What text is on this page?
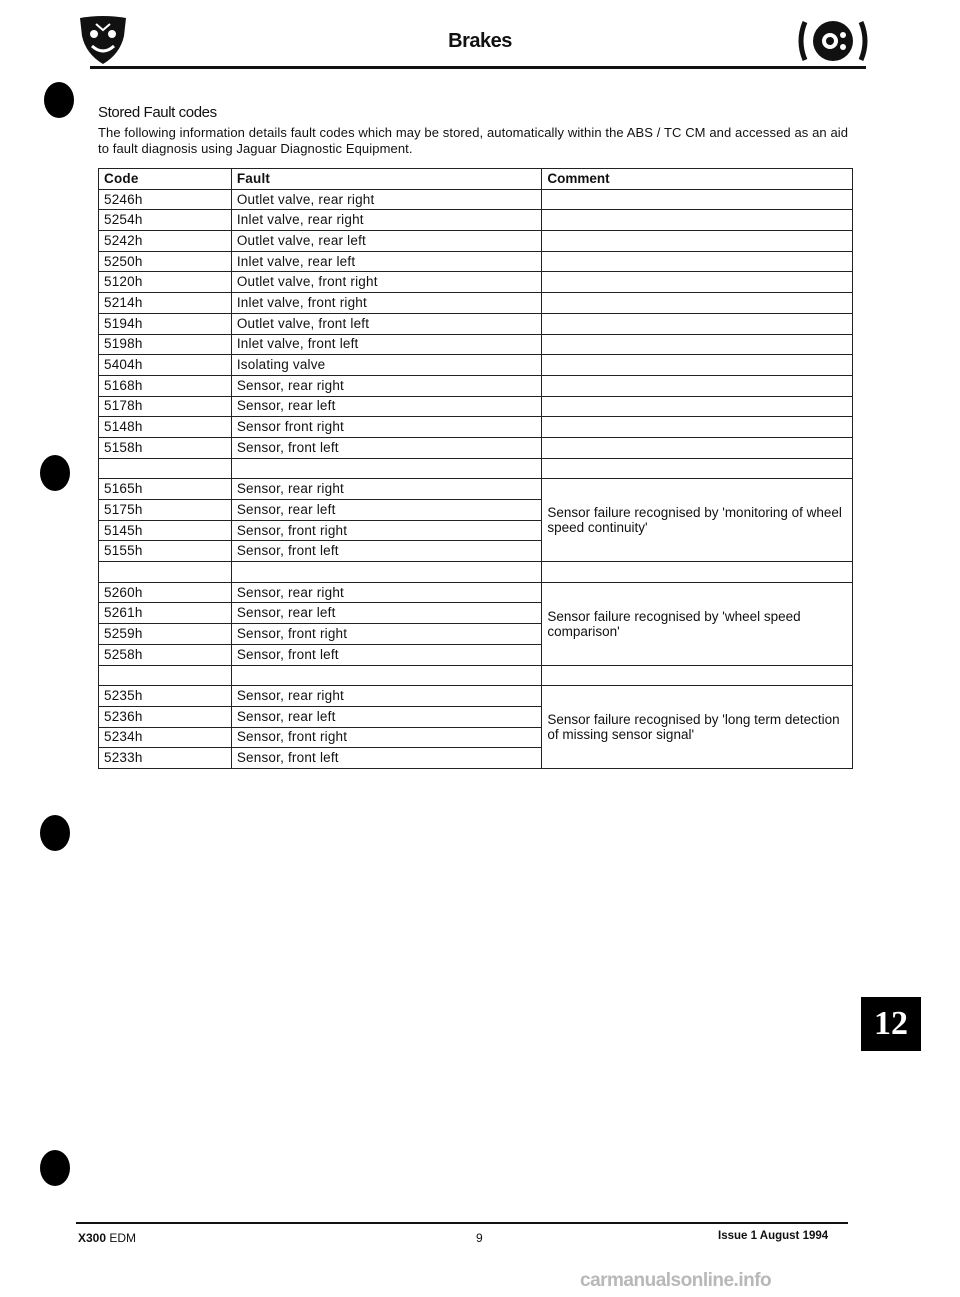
Brakes
Stored Fault codes
The following information details fault codes which may be stored, automatically within the ABS / TC CM and accessed as an aid to fault diagnosis using Jaguar Diagnostic Equipment.
Code	Fault	Comment
5246h	Outlet valve, rear right	
5254h	Inlet valve, rear right	
5242h	Outlet valve, rear left	
5250h	Inlet valve, rear left	
5120h	Outlet valve, front right	
5214h	Inlet valve, front right	
5194h	Outlet valve, front left	
5198h	Inlet valve, front left	
5404h	Isolating valve	
5168h	Sensor, rear right	
5178h	Sensor, rear left	
5148h	Sensor front right	
5158h	Sensor, front left	

5165h	Sensor, rear right	Sensor failure recognised by 'monitoring of wheel speed continuity'
5175h	Sensor, rear left	
5145h	Sensor, front right	
5155h	Sensor, front left	

5260h	Sensor, rear right	Sensor failure recognised by 'wheel speed comparison'
5261h	Sensor, rear left	
5259h	Sensor, front right	
5258h	Sensor, front left	

5235h	Sensor, rear right	Sensor failure recognised by 'long term detection of missing sensor signal'
5236h	Sensor, rear left	
5234h	Sensor, front right	
5233h	Sensor, front left	
X300 EDM	9	Issue 1 August 1994
12
carmanualsonline.info
